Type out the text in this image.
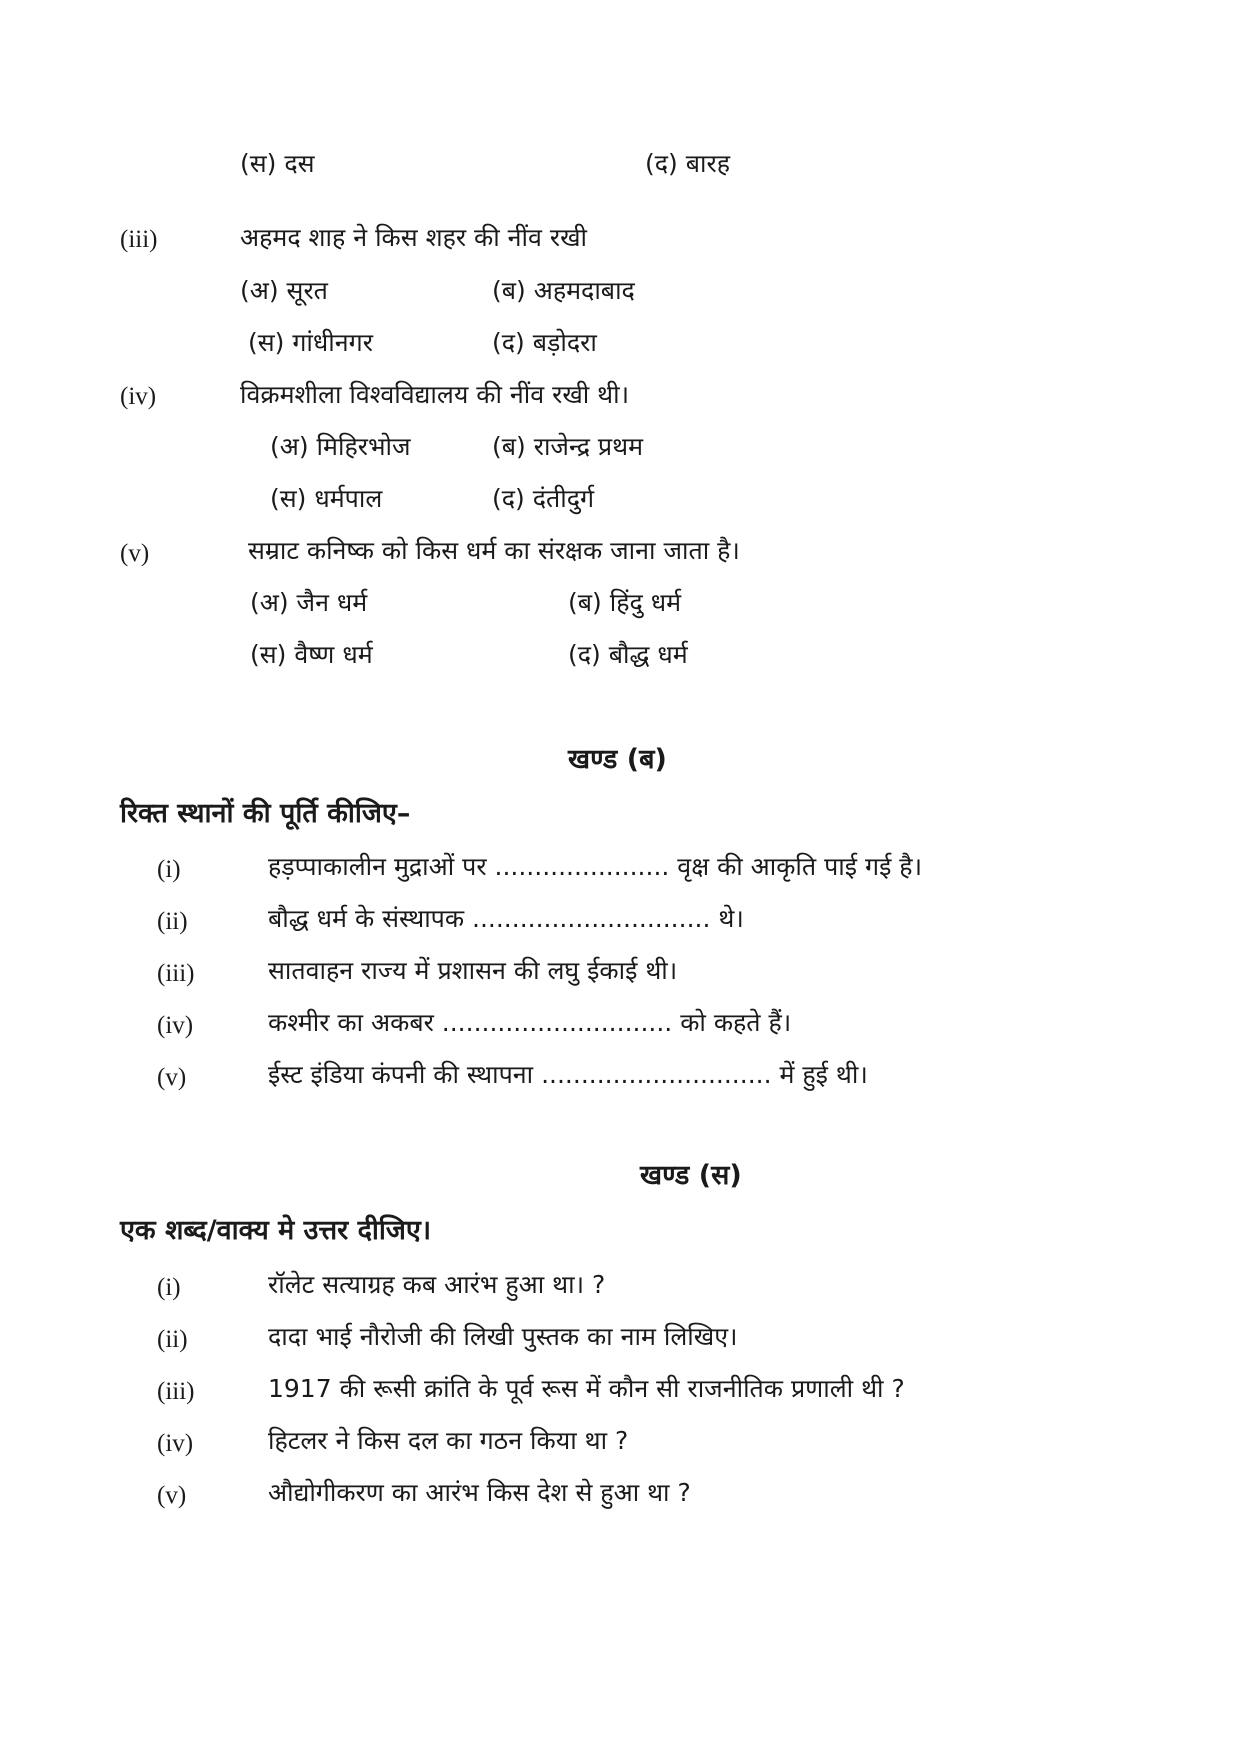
(स) दस	(द) बारह
(iii)	अहमद शाह ने किस शहर की नींव रखी
(अ) सूरत	(ब) अहमदाबाद
(स) गांधीनगर	(द) बड़ोदरा
(iv)	विक्रमशीला विश्वविद्यालय की नींव रखी थी।
(अ) मिहिरभोज	(ब) राजेन्द्र प्रथम
(स) धर्मपाल	(द) दंतीदुर्ग
(v)	सम्राट कनिष्क को किस धर्म का संरक्षक जाना जाता है।
(अ) जैन धर्म	(ब) हिंदु धर्म
(स) वैष्ण धर्म	(द) बौद्ध धर्म
खण्ड (ब)
रिक्त स्थानों की पूर्ति कीजिए–
(i)	हड़प्पाकालीन मुद्राओं पर ...................... वृक्ष की आकृति पाई गई है।
(ii)	बौद्ध धर्म के संस्थापक .............................. थे।
(iii)	सातवाहन राज्य में प्रशासन की लघु ईकाई थी।
(iv)	कश्मीर का अकबर ............................. को कहते हैं।
(v)	ईस्ट इंडिया कंपनी की स्थापना ............................. में हुई थी।
खण्ड (स)
एक शब्द/वाक्य मे उत्तर दीजिए।
(i)	रॉलेट सत्याग्रह कब आरंभ हुआ था। ?
(ii)	दादा भाई नौरोजी की लिखी पुस्तक का नाम लिखिए।
(iii)	1917 की रूसी क्रांति के पूर्व रूस में कौन सी राजनीतिक प्रणाली थी ?
(iv)	हिटलर ने किस दल का गठन किया था ?
(v)	औद्योगीकरण का आरंभ किस देश से हुआ था ?
